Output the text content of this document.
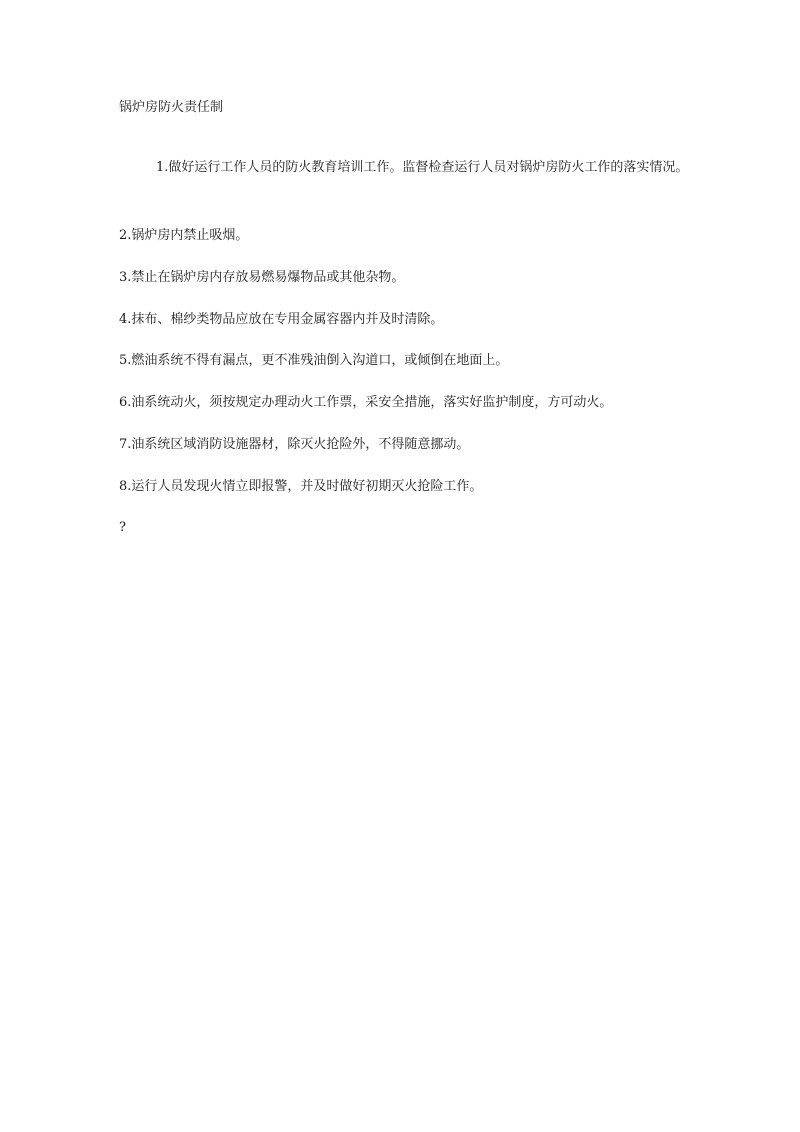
锅炉房防火责任制

1.做好运行工作人员的防火教育培训工作。监督检查运行人员对锅炉房防火工作的落实情况。

2.锅炉房内禁止吸烟。

3.禁止在锅炉房内存放易燃易爆物品或其他杂物。

4.抹布、棉纱类物品应放在专用金属容器内并及时清除。

5.燃油系统不得有漏点，更不准残油倒入沟道口，或倾倒在地面上。

6.油系统动火，须按规定办理动火工作票，采安全措施，落实好监护制度，方可动火。

7.油系统区域消防设施器材，除灭火抢险外，不得随意挪动。

8.运行人员发现火情立即报警，并及时做好初期灭火抢险工作。

?
